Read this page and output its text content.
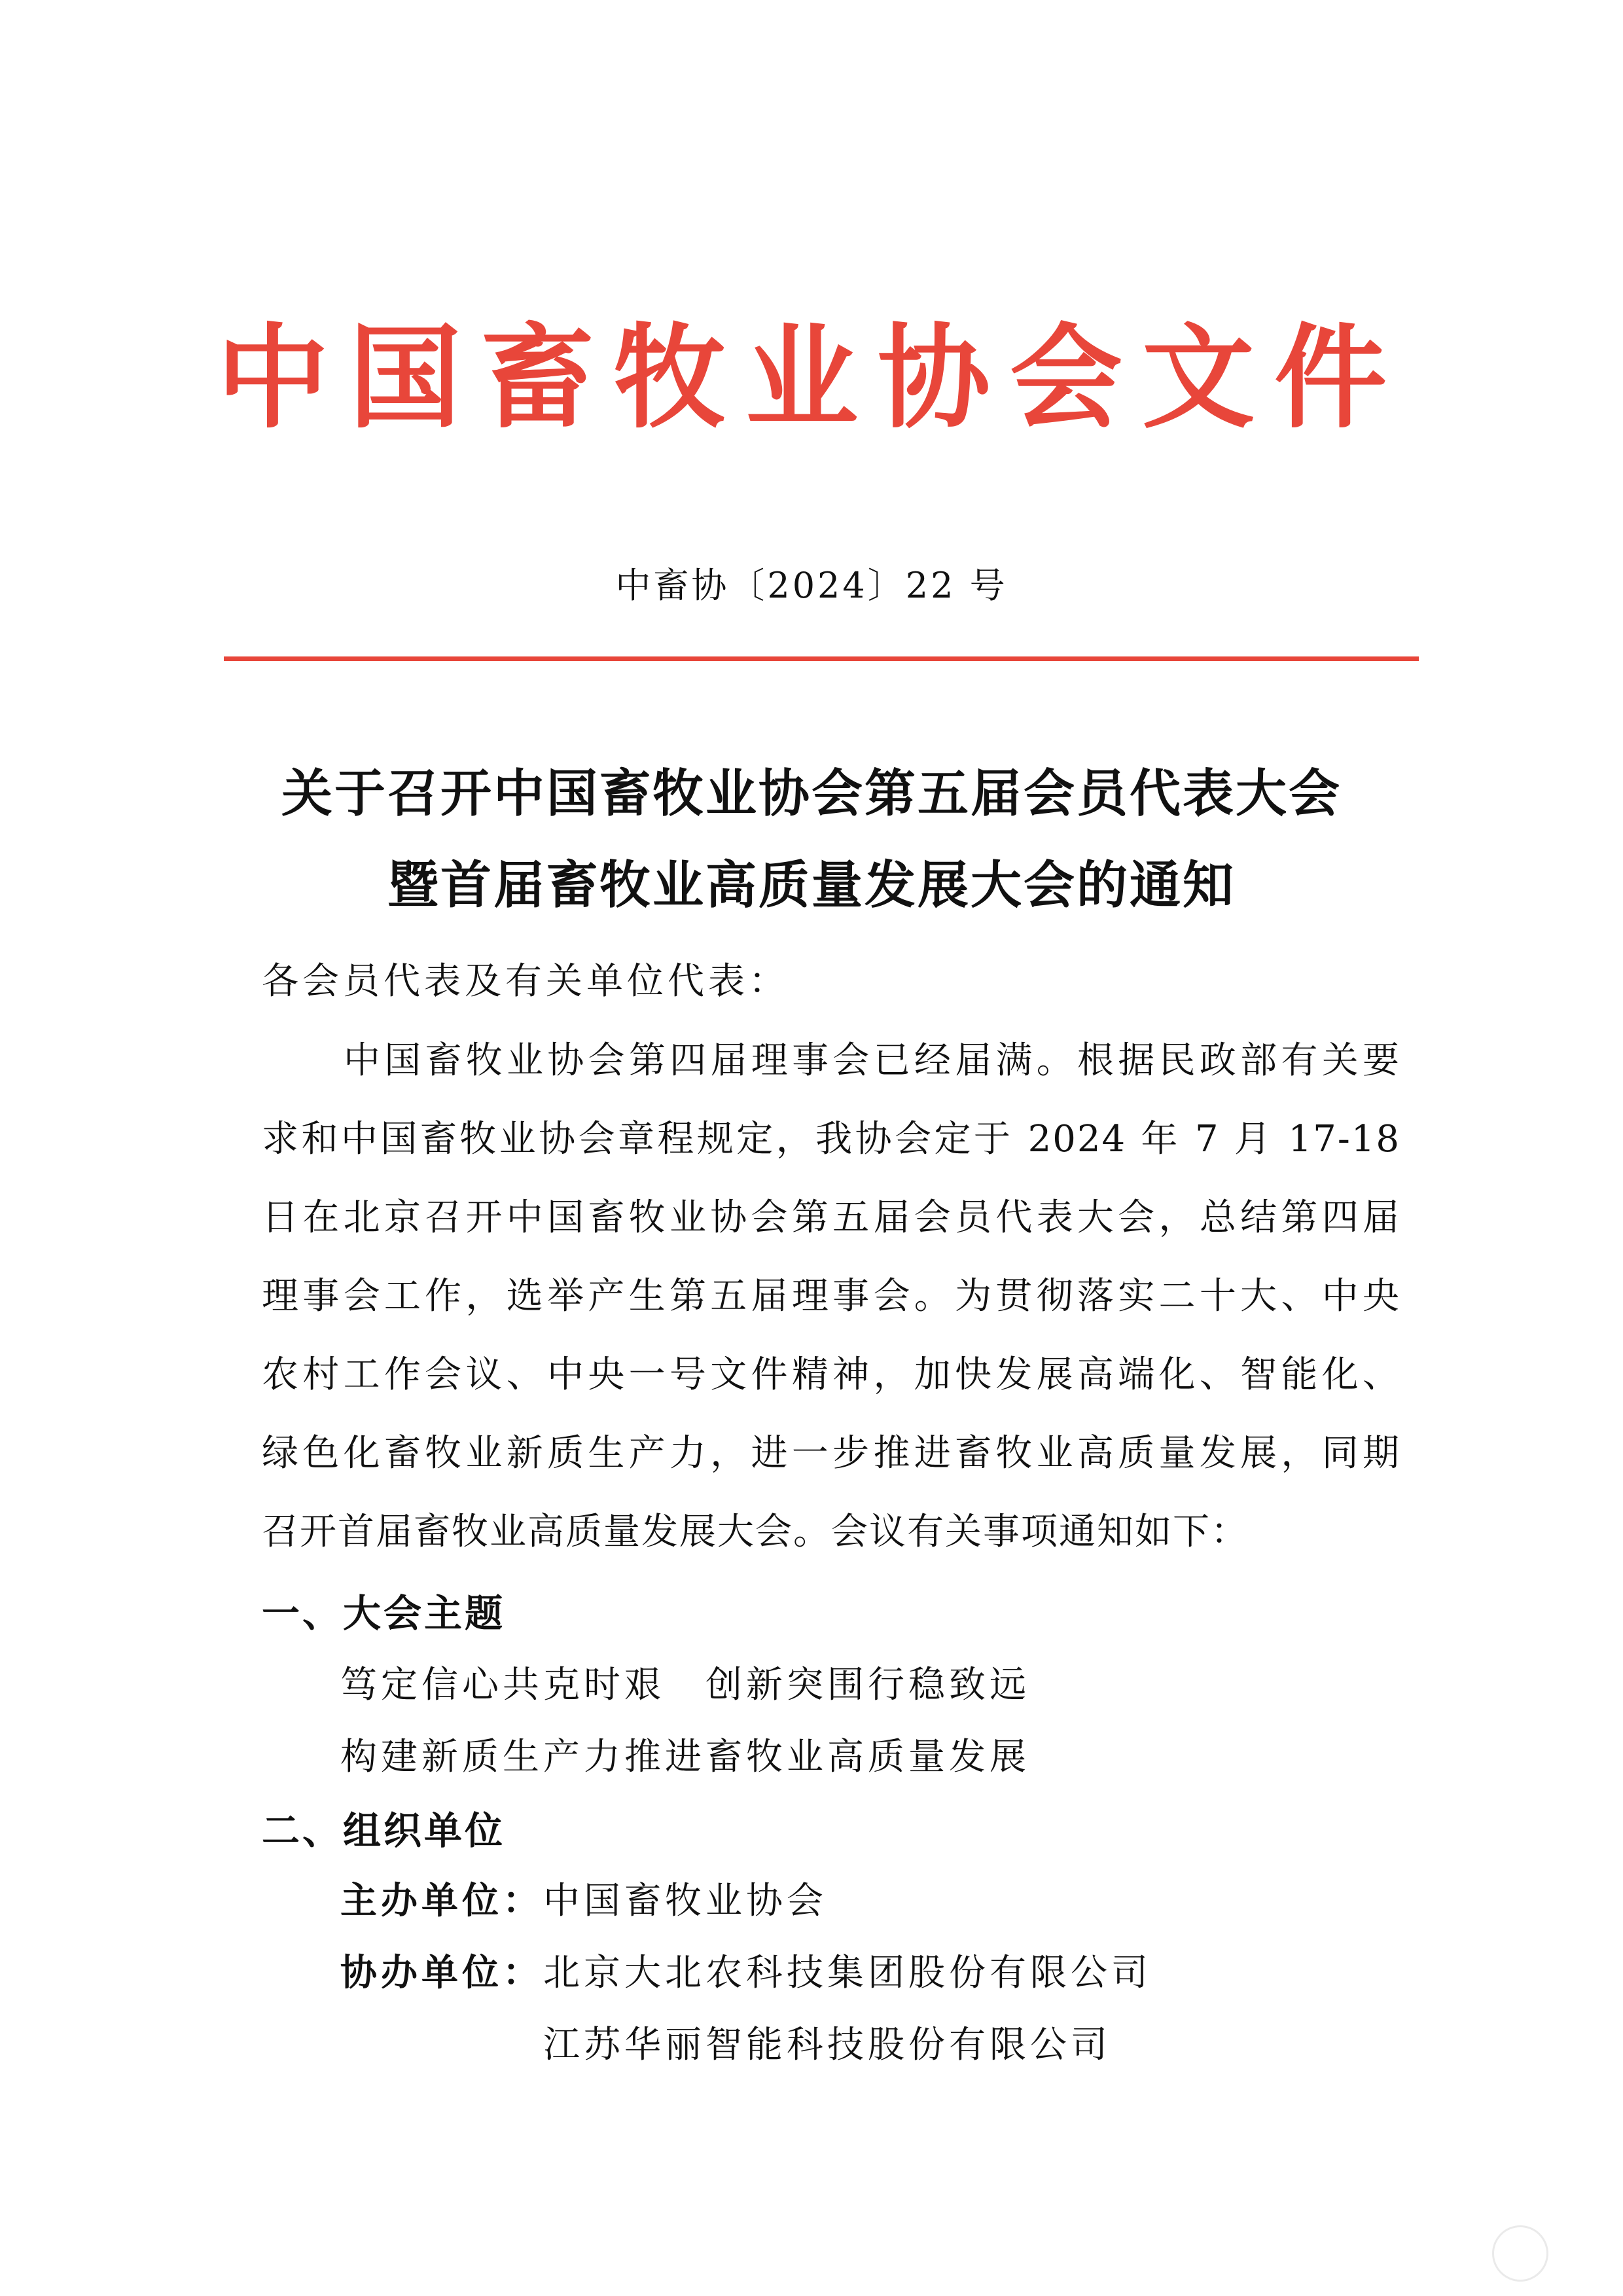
中国畜牧业协会文件
中畜协〔2024〕22 号
关于召开中国畜牧业协会第五届会员代表大会
暨首届畜牧业高质量发展大会的通知
各会员代表及有关单位代表：
中国畜牧业协会第四届理事会已经届满。根据民政部有关要
求和中国畜牧业协会章程规定，我协会定于 2024 年 7 月 17-18
日在北京召开中国畜牧业协会第五届会员代表大会，总结第四届
理事会工作，选举产生第五届理事会。为贯彻落实二十大、中央
农村工作会议、中央一号文件精神，加快发展高端化、智能化、
绿色化畜牧业新质生产力，进一步推进畜牧业高质量发展，同期
召开首届畜牧业高质量发展大会。会议有关事项通知如下：
一、大会主题
笃定信心共克时艰　创新突围行稳致远
构建新质生产力推进畜牧业高质量发展
二、组织单位
主办单位：中国畜牧业协会
协办单位：北京大北农科技集团股份有限公司
江苏华丽智能科技股份有限公司
